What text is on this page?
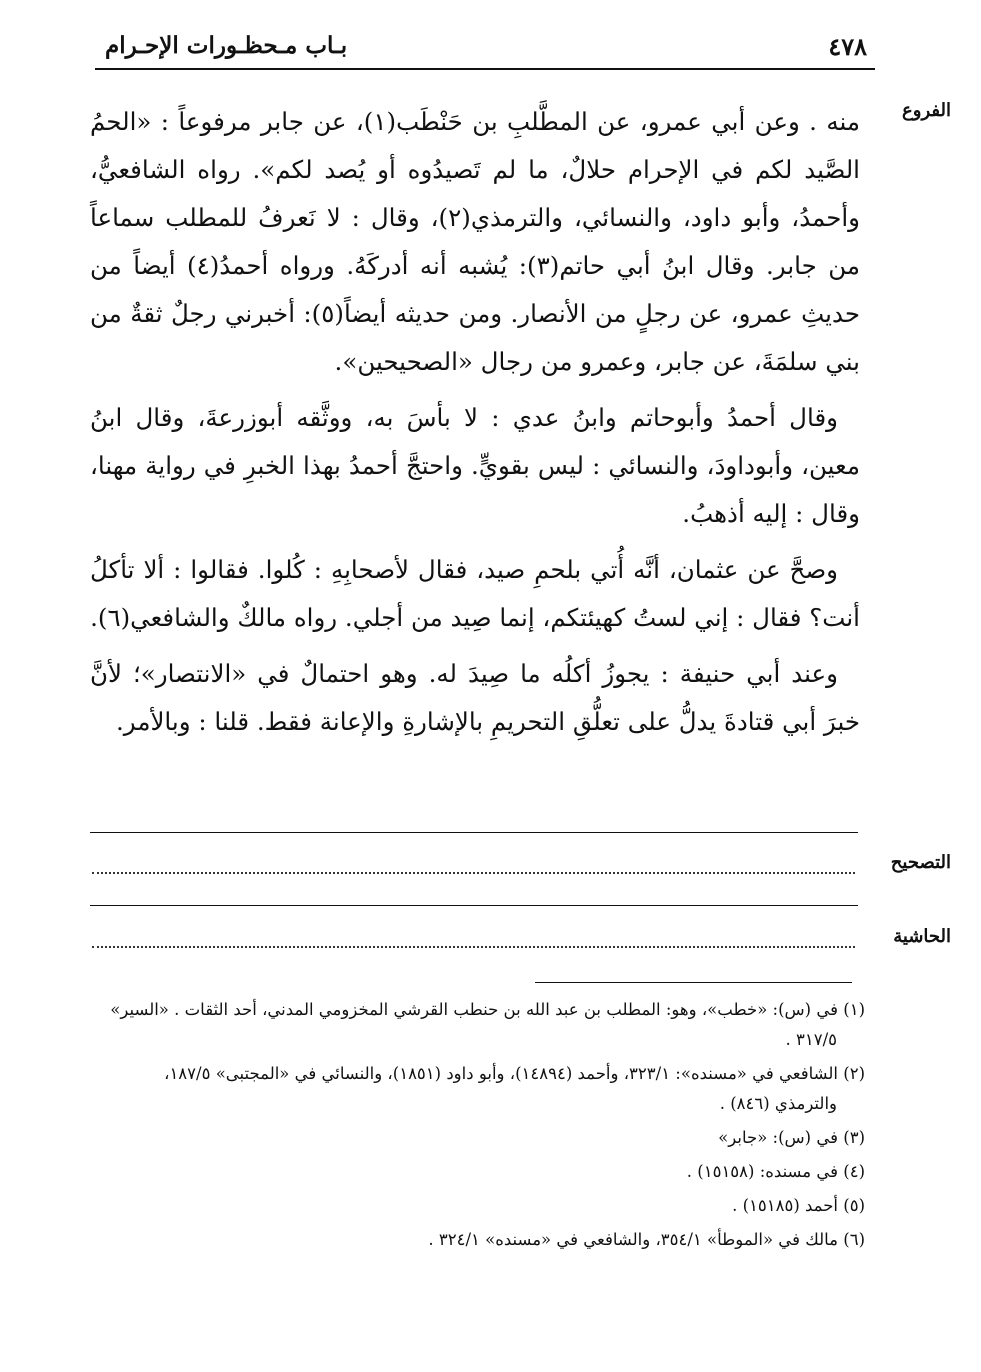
٤٧٨
بـاب مـحظـورات الإحـرام
الفروع

منه . وعن أبي عمرو، عن المطَّلبِ بن حَنْطَب(١)، عن جابر مرفوعاً : «الحمُ الصَّيد لكم في الإحرام حلالٌ، ما لم تَصيدُوه أو يُصد لكم». رواه الشافعيُّ، وأحمدُ، وأبو داود، والنسائي، والترمذي(٢)، وقال : لا نَعرفُ للمطلب سماعاً من جابر. وقال ابنُ أبي حاتم(٣): يُشبه أنه أدركَهُ. ورواه أحمدُ(٤) أيضاً من حديثِ عمرو، عن رجلٍ من الأنصار. ومن حديثه أيضاً(٥): أخبرني رجلٌ ثقةٌ من بني سلمَةَ، عن جابر، وعمرو من رجال «الصحيحين».

وقال أحمدُ وأبوحاتم وابنُ عدي : لا بأسَ به، ووثَّقه أبوزرعةَ، وقال ابنُ معين، وأبوداودَ، والنسائي : ليس بقويٍّ. واحتجَّ أحمدُ بهذا الخبرِ في رواية مهنا، وقال : إليه أذهبُ.

وصحَّ عن عثمان، أنَّه أُتي بلحمِ صيد، فقال لأصحابِهِ : كُلوا. فقالوا : ألا تأكلُ أنت؟ فقال : إني لستُ كهيئتكم، إنما صِيد من أجلي. رواه مالكٌ والشافعي(٦).

وعند أبي حنيفة : يجوزُ أكلُه ما صِيدَ له. وهو احتمالٌ في «الانتصار»؛ لأنَّ خبرَ أبي قتادةَ يدلُّ على تعلُّقِ التحريمِ بالإشارةِ والإعانة فقط. قلنا : وبالأمر.

التصحيح
الحاشية
(١) في (س): «خطب»، وهو: المطلب بن عبد الله بن حنطب القرشي المخزومي المدني، أحد الثقات . «السير»
٣١٧/٥ .
(٢) الشافعي في «مسنده»: ٣٢٣/١، وأحمد (١٤٨٩٤)، وأبو داود (١٨٥١)، والنسائي في «المجتبى» ١٨٧/٥،
والترمذي (٨٤٦) .
(٣) في (س): «جابر»
(٤) في مسنده: (١٥١٥٨) .
(٥) أحمد (١٥١٨٥) .
(٦) مالك في «الموطأ» ٣٥٤/١، والشافعي في «مسنده» ٣٢٤/١ .
